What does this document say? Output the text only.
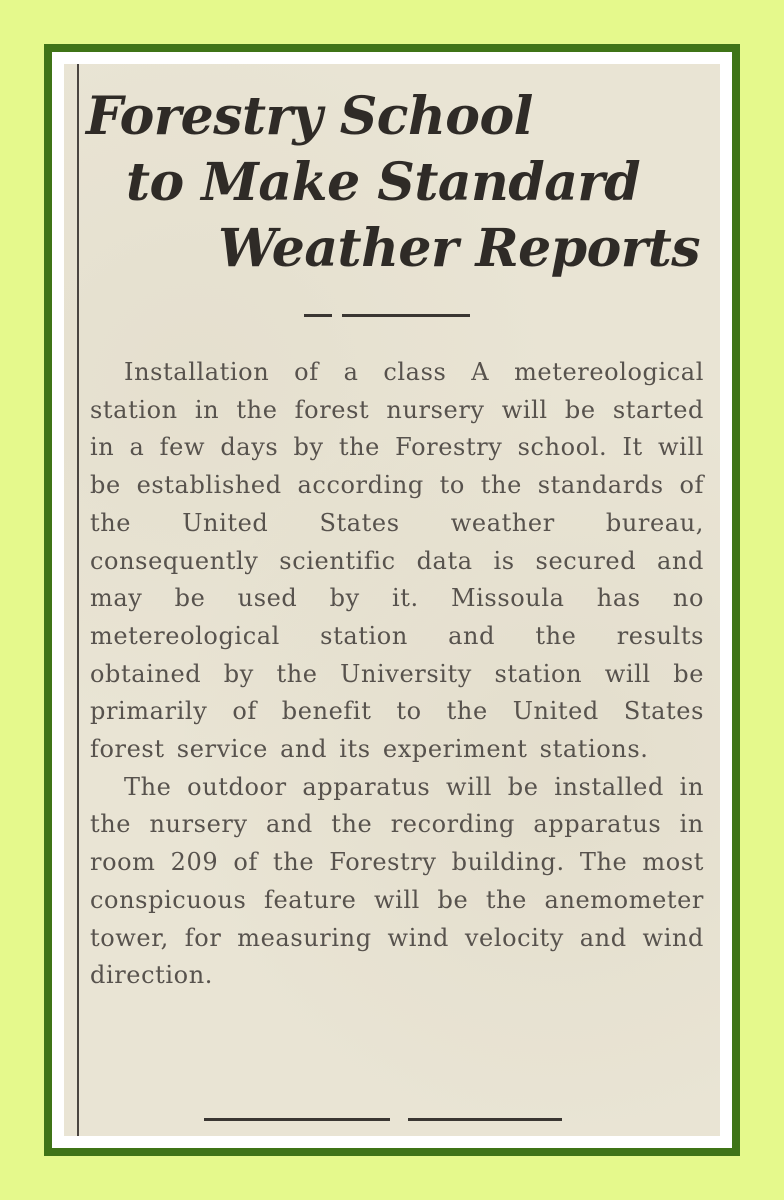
Forestry School
to Make Standard
Weather Reports

Installation of a class A metereological station in the forest nursery will be started in a few days by the Forestry school. It will be established according to the standards of the United States weather bureau, consequently scientific data is secured and may be used by it. Missoula has no metereological station and the results obtained by the University station will be primarily of benefit to the United States forest service and its experiment stations.

The outdoor apparatus will be installed in the nursery and the recording apparatus in room 209 of the Forestry building. The most conspicuous feature will be the anemometer tower, for measuring wind velocity and wind direction.
